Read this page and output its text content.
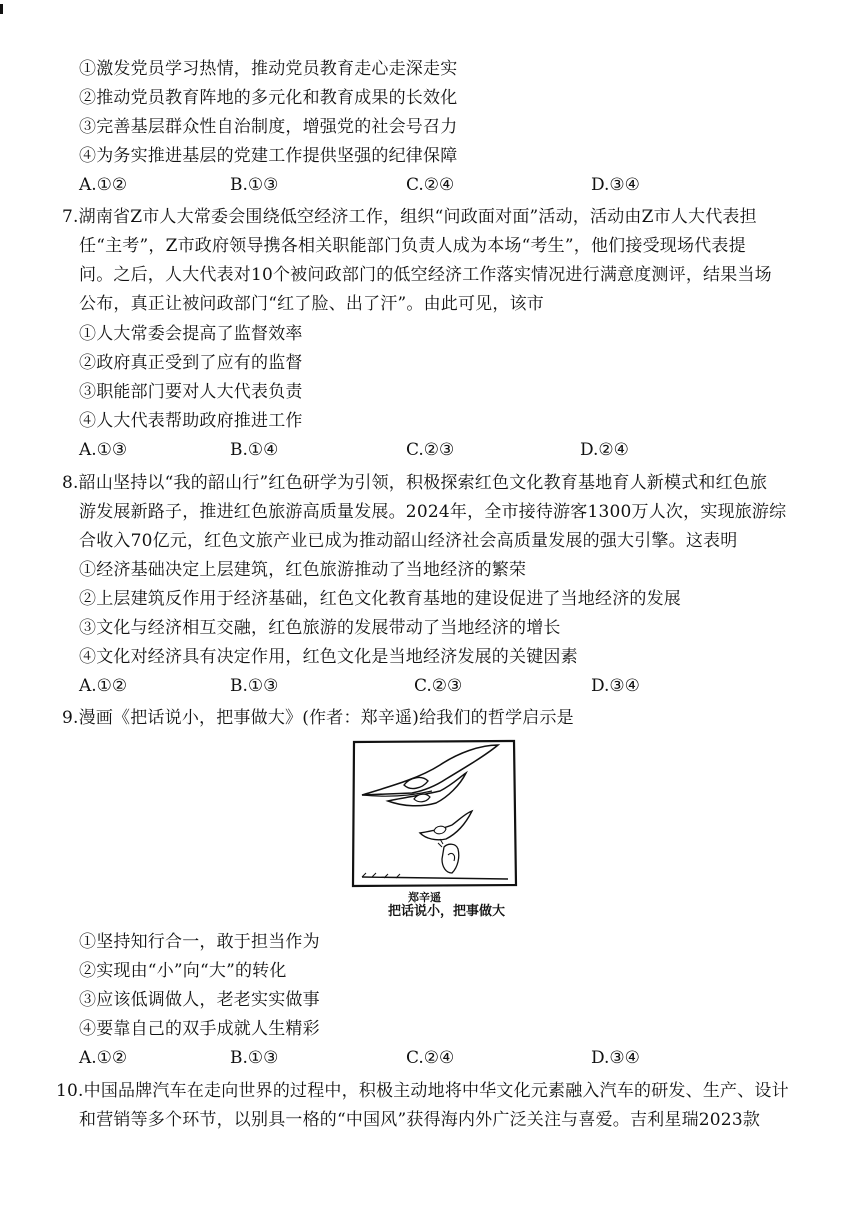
①激发党员学习热情，推动党员教育走心走深走实
②推动党员教育阵地的多元化和教育成果的长效化
③完善基层群众性自治制度，增强党的社会号召力
④为务实推进基层的党建工作提供坚强的纪律保障
A.①②	B.①③	C.②④	D.③④
7.湖南省Z市人大常委会围绕低空经济工作，组织“问政面对面”活动，活动由Z市人大代表担
任“主考”，Z市政府领导携各相关职能部门负责人成为本场“考生”，他们接受现场代表提
问。之后，人大代表对10个被问政部门的低空经济工作落实情况进行满意度测评，结果当场
公布，真正让被问政部门“红了脸、出了汗”。由此可见，该市
①人大常委会提高了监督效率
②政府真正受到了应有的监督
③职能部门要对人大代表负责
④人大代表帮助政府推进工作
A.①③	B.①④	C.②③	D.②④
8.韶山坚持以“我的韶山行”红色研学为引领，积极探索红色文化教育基地育人新模式和红色旅
游发展新路子，推进红色旅游高质量发展。2024年，全市接待游客1300万人次，实现旅游综
合收入70亿元，红色文旅产业已成为推动韶山经济社会高质量发展的强大引擎。这表明
①经济基础决定上层建筑，红色旅游推动了当地经济的繁荣
②上层建筑反作用于经济基础，红色文化教育基地的建设促进了当地经济的发展
③文化与经济相互交融，红色旅游的发展带动了当地经济的增长
④文化对经济具有决定作用，红色文化是当地经济发展的关键因素
A.①②	B.①③	C.②③	D.③④
9.漫画《把话说小，把事做大》(作者：郑辛遥)给我们的哲学启示是
郑辛遥
把话说小，把事做大
①坚持知行合一，敢于担当作为
②实现由“小”向“大”的转化
③应该低调做人，老老实实做事
④要靠自己的双手成就人生精彩
A.①②	B.①③	C.②④	D.③④
10.中国品牌汽车在走向世界的过程中，积极主动地将中华文化元素融入汽车的研发、生产、设计
和营销等多个环节，以别具一格的“中国风”获得海内外广泛关注与喜爱。吉利星瑞2023款
